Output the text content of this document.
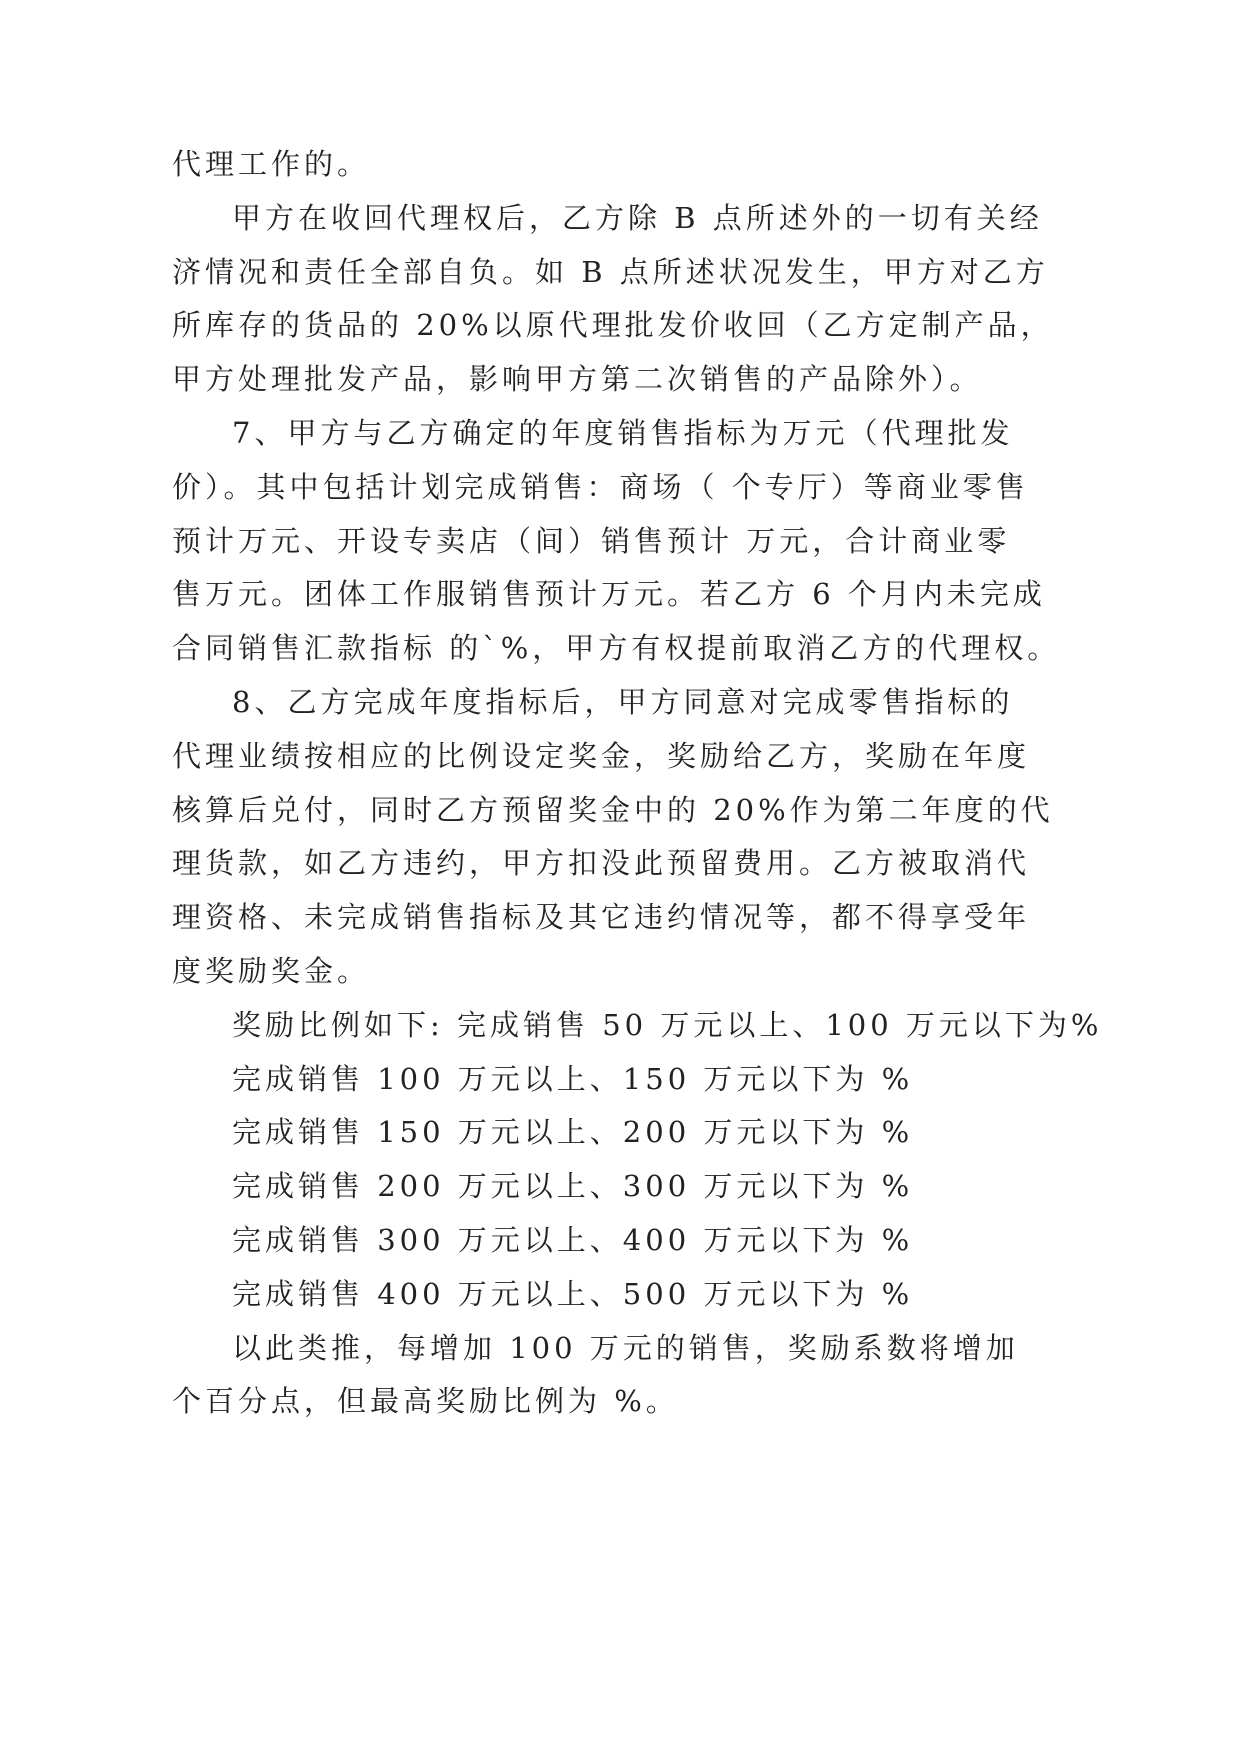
代理工作的。
甲方在收回代理权后，乙方除 B 点所述外的一切有关经
济情况和责任全部自负。如 B 点所述状况发生，甲方对乙方
所库存的货品的 20%以原代理批发价收回（乙方定制产品，
甲方处理批发产品，影响甲方第二次销售的产品除外）。
7、甲方与乙方确定的年度销售指标为万元（代理批发
价）。其中包括计划完成销售：商场（ 个专厅）等商业零售
预计万元、开设专卖店（间）销售预计 万元，合计商业零
售万元。团体工作服销售预计万元。若乙方 6 个月内未完成
合同销售汇款指标 的`%，甲方有权提前取消乙方的代理权。
8、乙方完成年度指标后，甲方同意对完成零售指标的
代理业绩按相应的比例设定奖金，奖励给乙方，奖励在年度
核算后兑付，同时乙方预留奖金中的 20%作为第二年度的代
理货款，如乙方违约，甲方扣没此预留费用。乙方被取消代
理资格、未完成销售指标及其它违约情况等，都不得享受年
度奖励奖金。
奖励比例如下: 完成销售 50 万元以上、100 万元以下为%
完成销售 100 万元以上、150 万元以下为 %
完成销售 150 万元以上、200 万元以下为 %
完成销售 200 万元以上、300 万元以下为 %
完成销售 300 万元以上、400 万元以下为 %
完成销售 400 万元以上、500 万元以下为 %
以此类推，每增加 100 万元的销售，奖励系数将增加
个百分点，但最高奖励比例为 %。
